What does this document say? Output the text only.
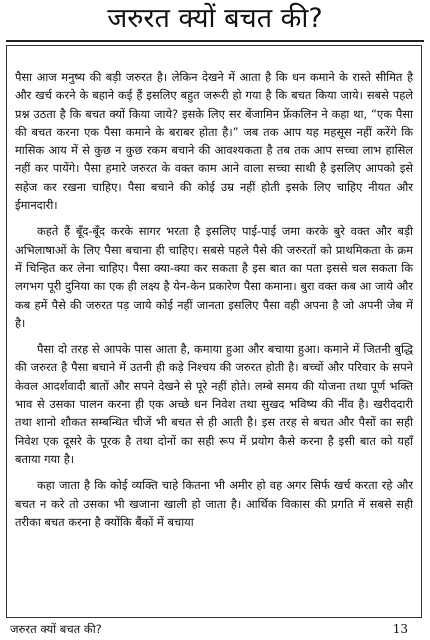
जरुरत क्यों बचत की?

पैसा आज मनुष्य की बड़ी जरुरत है। लेकिन देखने में आता है कि धन कमाने के रास्ते सीमित है और खर्च करने के बहाने कई हैं इसलिए बहुत जरूरी हो गया है कि बचत किया जाये। सबसे पहले प्रश्न उठता है कि बचत क्यों किया जाये? इसके लिए सर बेंजामिन फ्रेंकलिन ने कहा था, “एक पैसा की बचत करना एक पैसा कमाने के बराबर होता है।” जब तक आप यह महसूस नहीं करेंगे कि मासिक आय में से कुछ न कुछ रकम बचाने की आवश्यकता है तब तक आप सच्चा लाभ हासिल नहीं कर पायेंगे। पैसा हमारे जरुरत के वक्त काम आने वाला सच्चा साथी है इसलिए आपको इसे सहेज कर रखना चाहिए। पैसा बचाने की कोई उम्र नहीं होती इसके लिए चाहिए नीयत और ईमानदारी।

कहते हैं बूँद-बूँद करके सागर भरता है इसलिए पाई-पाई जमा करके बुरे वक्त और बड़ी अभिलाषाओं के लिए पैसा बचाना ही चाहिए। सबसे पहले पैसे की जरुरतों को प्राथमिकता के क्रम में चिन्हित कर लेना चाहिए। पैसा क्या-क्या कर सकता है इस बात का पता इससे चल सकता कि लगभग पूरी दुनिया का एक ही लक्ष्य है येन-केन प्रकारेण पैसा कमाना। बुरा वक्त कब आ जाये और कब हमें पैसे की जरुरत पड़ जाये कोई नहीं जानता इसलिए पैसा वही अपना है जो अपनी जेब में है।

पैसा दो तरह से आपके पास आता है, कमाया हुआ और बचाया हुआ। कमाने में जितनी बुद्धि की जरुरत है पैसा बचाने में उतनी ही कड़े निश्चय की जरुरत होती है। बच्चों और परिवार के सपने केवल आदर्शवादी बातों और सपने देखने से पूरे नहीं होते। लम्बे समय की योजना तथा पूर्ण भक्ति भाव से उसका पालन करना ही एक अच्छे धन निवेश तथा सुखद भविष्य की नींव है। खरीददारी तथा शानो शौकत सम्बन्धित चीजें भी बचत से ही आती है। इस तरह से बचत और पैसों का सही निवेश एक दूसरे के पूरक है तथा दोनों का सही रूप में प्रयोग कैसे करना है इसी बात को यहाँ बताया गया है।

कहा जाता है कि कोई व्यक्ति चाहे कितना भी अमीर हो वह अगर सिर्फ खर्च करता रहे और बचत न करे तो उसका भी खजाना खाली हो जाता है। आर्थिक विकास की प्रगति में सबसे सही तरीका बचत करना है क्योंकि बैंकों में बचाया

जरुरत क्यों बचत की?	13
